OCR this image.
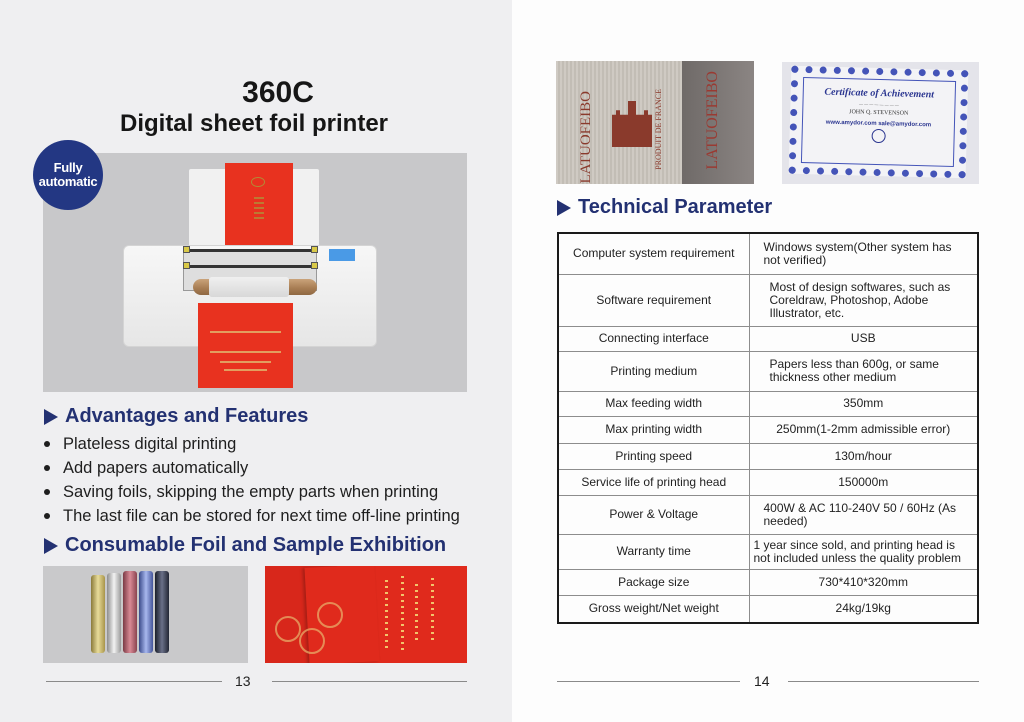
360C
Digital sheet foil printer
Fully
automatic
Advantages and Features
Plateless digital printing
Add papers automatically
Saving foils, skipping the empty parts when printing
The last file can be stored for next time off-line printing
Consumable Foil and Sample Exhibition
13
LATUOFEIBO	PRODUIT DE FRANCE	LATUOFEIBO	Certificate of Achievement
— — — — — — — —
JOHN Q. STEVENSON
www.amydor.com sale@amydor.com
Technical Parameter
Computer system requirement	Windows system(Other system has not verified)
Software requirement	Most of design softwares, such as Coreldraw, Photoshop, Adobe Illustrator, etc.
Connecting interface	USB
Printing medium	Papers less than 600g, or same thickness other medium
Max feeding width	350mm
Max printing width	250mm(1-2mm admissible error)
Printing speed	130m/hour
Service life of printing head	150000m
Power & Voltage	400W & AC 110-240V 50 / 60Hz (As needed)
Warranty time	1 year since sold, and printing head is not included unless the quality problem
Package size	730*410*320mm
Gross weight/Net weight	24kg/19kg
14
